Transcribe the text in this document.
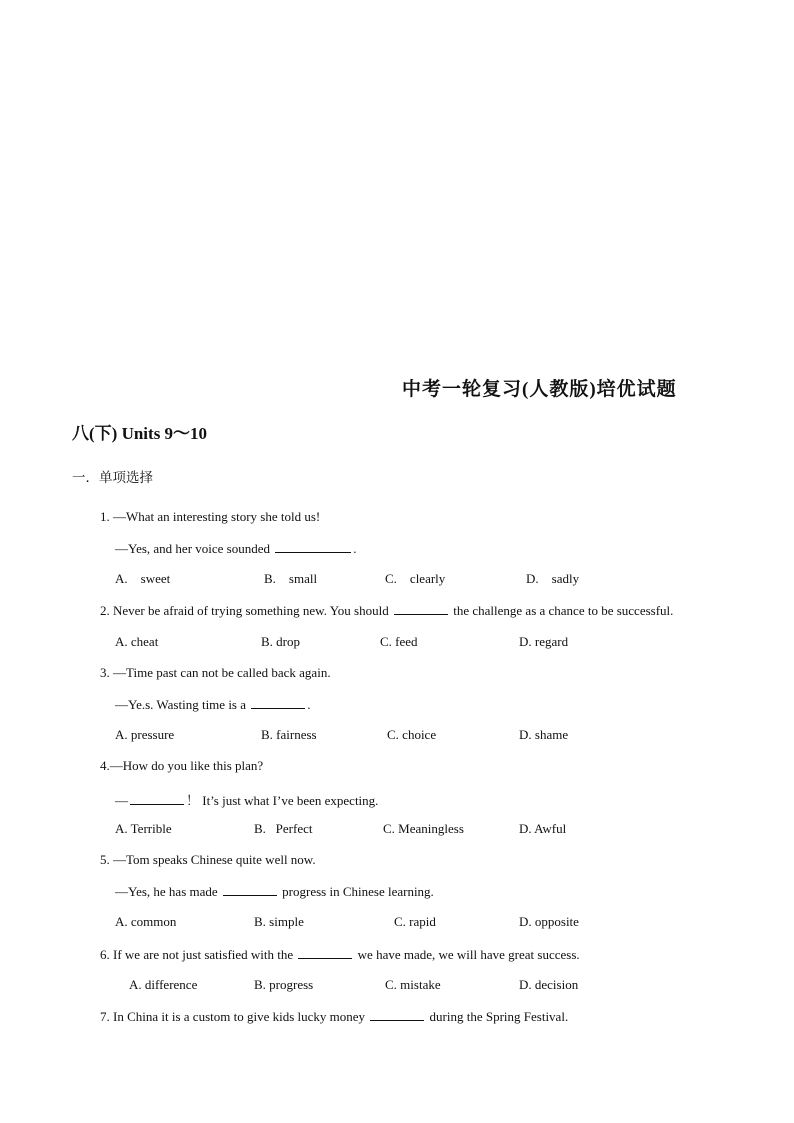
中考一轮复习(人教版)培优试题
八(下) Units 9～10
一．单项选择
1. —What an interesting story she told us!
—Yes, and her voice sounded	.
A.    sweet	B.    small	C.    clearly	D.    sadly
2. Never be afraid of trying something new. You should	the challenge as a chance to be successful.
A. cheat	B. drop	C. feed	D. regard
3. —Time past can not be called back again.
—Ye.s. Wasting time is a	.
A. pressure	B. fairness	C. choice	D. shame
4.—How do you like this plan?
—	！ It’s just what I’ve been expecting.
A. Terrible	B.   Perfect	C. Meaningless	D. Awful
5. —Tom speaks Chinese quite well now.
—Yes, he has made	progress in Chinese learning.
A. common	B. simple	C. rapid	D. opposite
6. If we are not just satisfied with the	we have made, we will have great success.
A. difference	B. progress	C. mistake	D. decision
7. In China it is a custom to give kids lucky money	during the Spring Festival.
